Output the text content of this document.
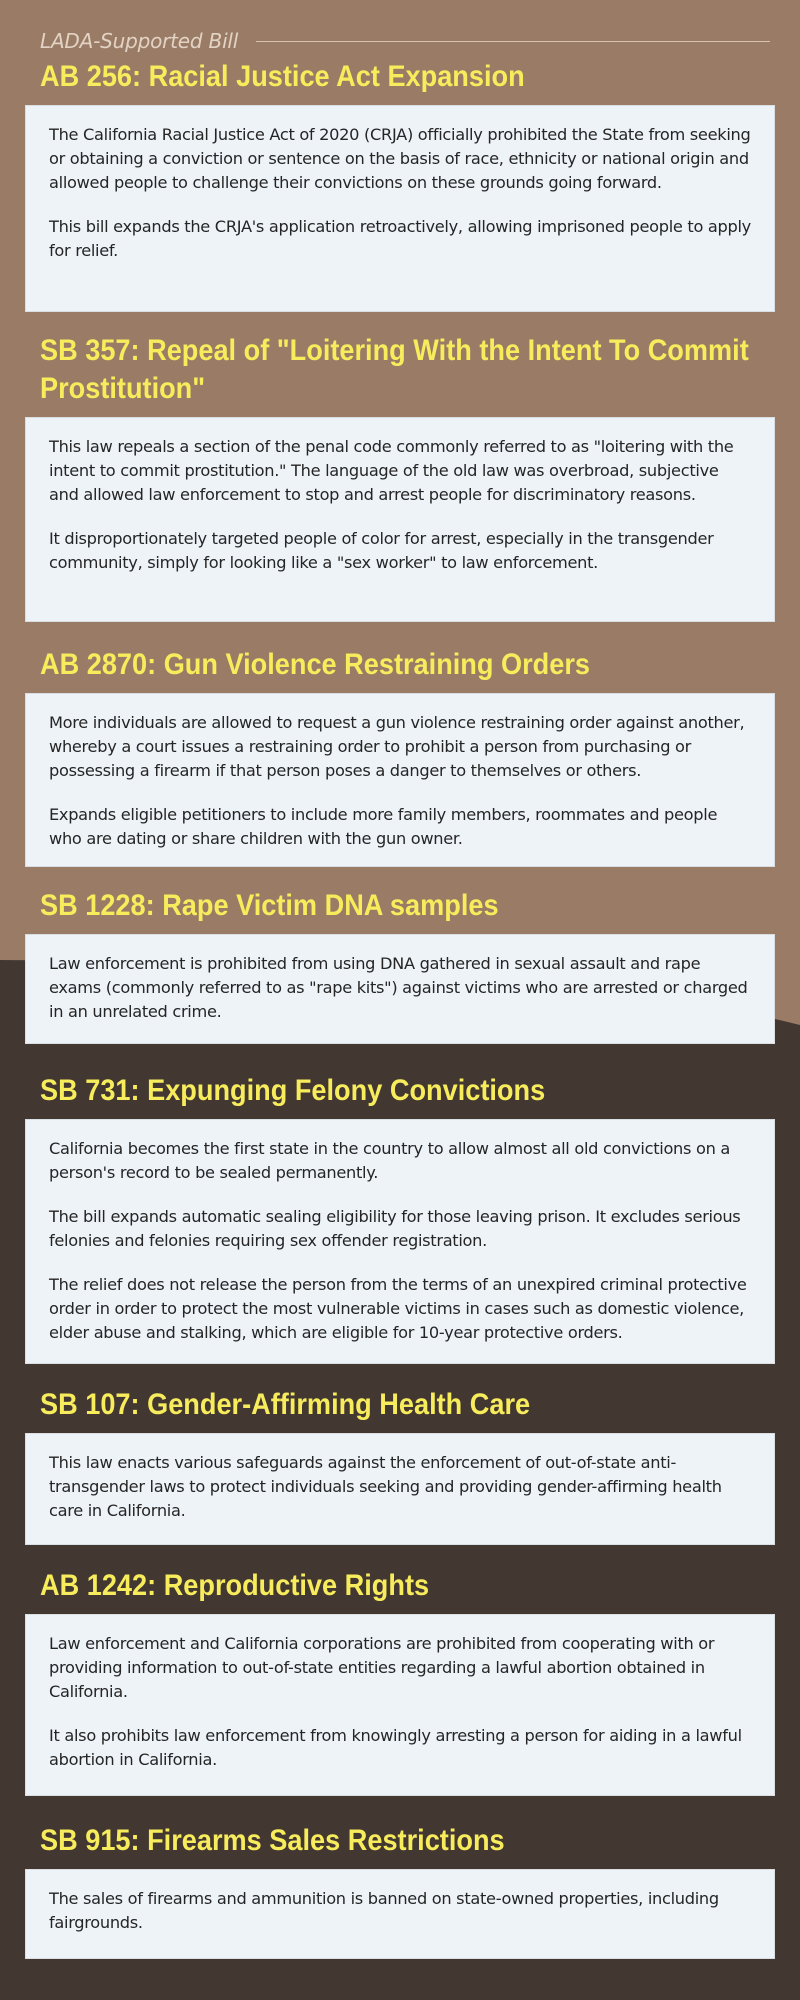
LADA-Supported Bill
AB 256: Racial Justice Act Expansion

The California Racial Justice Act of 2020 (CRJA) officially prohibited the State from seeking or obtaining a conviction or sentence on the basis of race, ethnicity or national origin and allowed people to challenge their convictions on these grounds going forward.

This bill expands the CRJA's application retroactively, allowing imprisoned people to apply for relief.

SB 357: Repeal of "Loitering With the Intent To Commit Prostitution"

This law repeals a section of the penal code commonly referred to as "loitering with the intent to commit prostitution." The language of the old law was overbroad, subjective and allowed law enforcement to stop and arrest people for discriminatory reasons.

It disproportionately targeted people of color for arrest, especially in the transgender community, simply for looking like a "sex worker" to law enforcement.

AB 2870: Gun Violence Restraining Orders

More individuals are allowed to request a gun violence restraining order against another, whereby a court issues a restraining order to prohibit a person from purchasing or possessing a firearm if that person poses a danger to themselves or others.

Expands eligible petitioners to include more family members, roommates and people who are dating or share children with the gun owner.

SB 1228: Rape Victim DNA samples

Law enforcement is prohibited from using DNA gathered in sexual assault and rape exams (commonly referred to as "rape kits") against victims who are arrested or charged in an unrelated crime.

SB 731: Expunging Felony Convictions

California becomes the first state in the country to allow almost all old convictions on a person's record to be sealed permanently.

The bill expands automatic sealing eligibility for those leaving prison. It excludes serious felonies and felonies requiring sex offender registration.

The relief does not release the person from the terms of an unexpired criminal protective order in order to protect the most vulnerable victims in cases such as domestic violence, elder abuse and stalking, which are eligible for 10-year protective orders.

SB 107: Gender-Affirming Health Care

This law enacts various safeguards against the enforcement of out-of-state anti-transgender laws to protect individuals seeking and providing gender-affirming health care in California.

AB 1242: Reproductive Rights

Law enforcement and California corporations are prohibited from cooperating with or providing information to out-of-state entities regarding a lawful abortion obtained in California.

It also prohibits law enforcement from knowingly arresting a person for aiding in a lawful abortion in California.

SB 915: Firearms Sales Restrictions

The sales of firearms and ammunition is banned on state-owned properties, including fairgrounds.
